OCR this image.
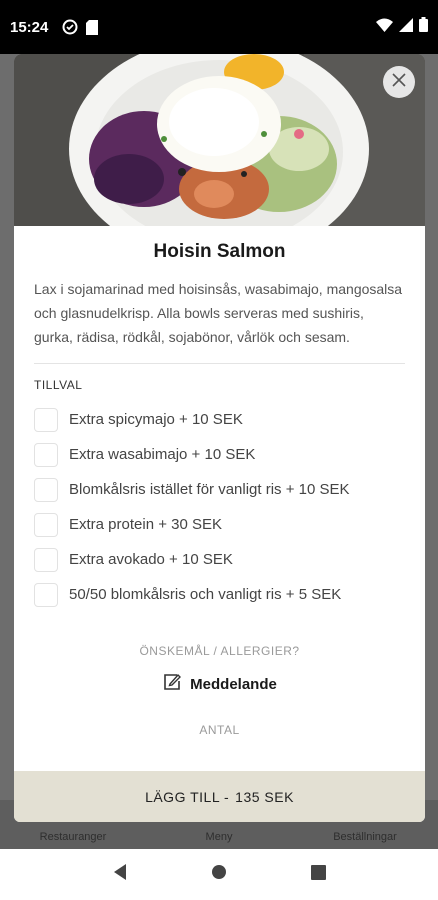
15:24
Restauranger	Meny	Beställningar
Hoisin Salmon

Lax i sojamarinad med hoisinsås, wasabimajo, mangosalsa och glasnudelkrisp. Alla bowls serveras med sushiris, gurka, rädisa, rödkål, sojabönor, vårlök och sesam.

TILLVAL
Extra spicymajo + 10 SEK
Extra wasabimajo + 10 SEK
Blomkålsris istället för vanligt ris + 10 SEK
Extra protein + 30 SEK
Extra avokado + 10 SEK
50/50 blomkålsris och vanligt ris + 5 SEK
ÖNSKEMÅL / ALLERGIER?
Meddelande
ANTAL
LÄGG TILL - 135 SEK
